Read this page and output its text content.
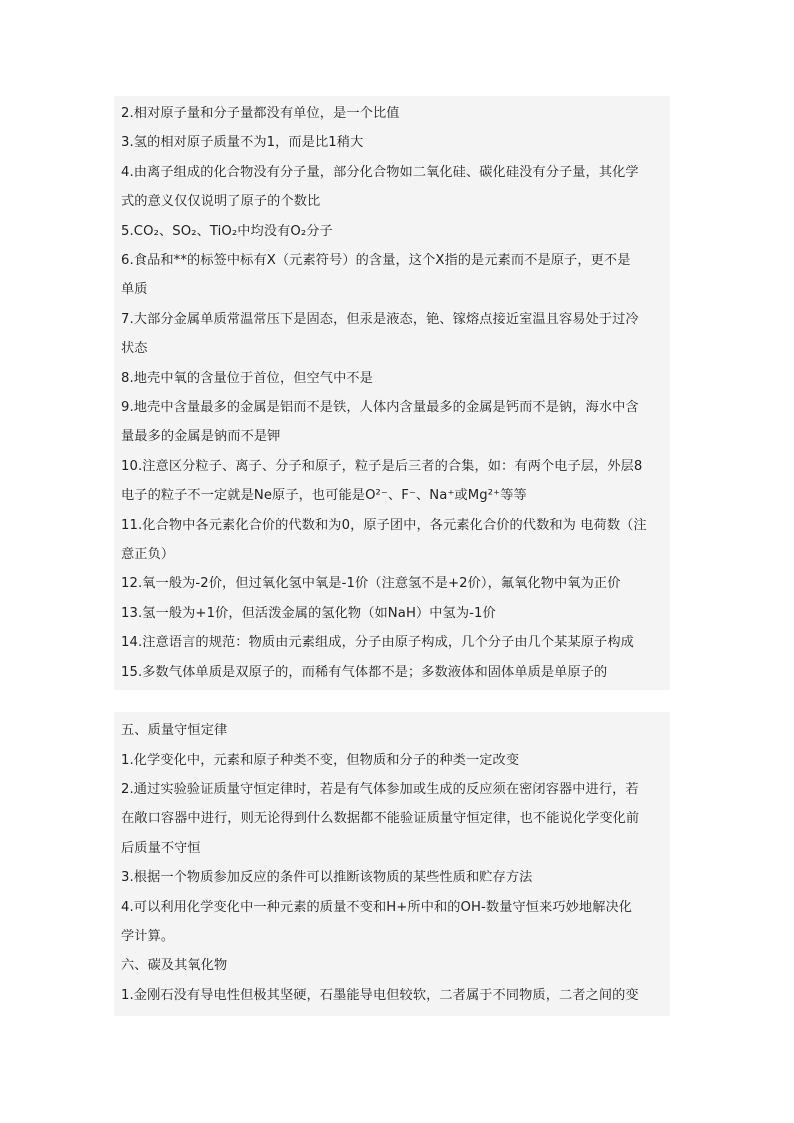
2.相对原子量和分子量都没有单位，是一个比值
3.氢的相对原子质量不为1，而是比1稍大
4.由离子组成的化合物没有分子量，部分化合物如二氧化硅、碳化硅没有分子量，其化学
式的意义仅仅说明了原子的个数比
5.CO₂、SO₂、TiO₂中均没有O₂分子
6.食品和**的标签中标有X（元素符号）的含量，这个X指的是元素而不是原子，更不是
单质
7.大部分金属单质常温常压下是固态，但汞是液态，铯、镓熔点接近室温且容易处于过冷
状态
8.地壳中氧的含量位于首位，但空气中不是
9.地壳中含量最多的金属是铝而不是铁，人体内含量最多的金属是钙而不是钠，海水中含
量最多的金属是钠而不是钾
10.注意区分粒子、离子、分子和原子，粒子是后三者的合集，如：有两个电子层，外层8
电子的粒子不一定就是Ne原子，也可能是O²⁻、F⁻、Na⁺或Mg²⁺等等
11.化合物中各元素化合价的代数和为0，原子团中，各元素化合价的代数和为 电荷数（注
意正负）
12.氧一般为-2价，但过氧化氢中氧是-1价（注意氢不是+2价），氟氧化物中氧为正价
13.氢一般为+1价，但活泼金属的氢化物（如NaH）中氢为-1价
14.注意语言的规范：物质由元素组成，分子由原子构成，几个分子由几个某某原子构成
15.多数气体单质是双原子的，而稀有气体都不是；多数液体和固体单质是单原子的
五、质量守恒定律
1.化学变化中，元素和原子种类不变，但物质和分子的种类一定改变
2.通过实验验证质量守恒定律时，若是有气体参加或生成的反应须在密闭容器中进行，若
在敞口容器中进行，则无论得到什么数据都不能验证质量守恒定律，也不能说化学变化前
后质量不守恒
3.根据一个物质参加反应的条件可以推断该物质的某些性质和贮存方法
4.可以利用化学变化中一种元素的质量不变和H+所中和的OH-数量守恒来巧妙地解决化
学计算。
六、碳及其氧化物
1.金刚石没有导电性但极其坚硬，石墨能导电但较软，二者属于不同物质，二者之间的变
